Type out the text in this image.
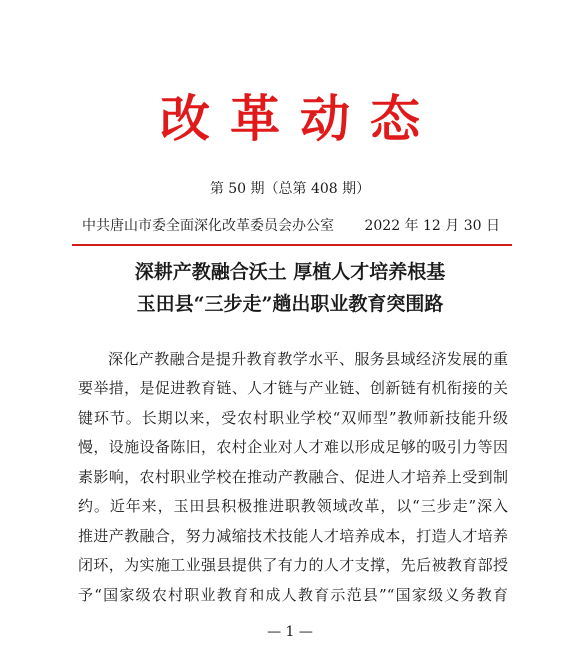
改革动态
第 50 期（总第 408 期）
中共唐山市委全面深化改革委员会办公室 2022 年 12 月 30 日
深耕产教融合沃土 厚植人才培养根基
玉田县“三步走”趟出职业教育突围路
深化产教融合是提升教育教学水平、服务县域经济发展的重
要举措，是促进教育链、人才链与产业链、创新链有机衔接的关
键环节。长期以来，受农村职业学校“双师型”教师新技能升级
慢，设施设备陈旧，农村企业对人才难以形成足够的吸引力等因
素影响，农村职业学校在推动产教融合、促进人才培养上受到制
约。近年来，玉田县积极推进职教领域改革，以“三步走”深入
推进产教融合，努力减缩技术技能人才培养成本，打造人才培养
闭环，为实施工业强县提供了有力的人才支撑，先后被教育部授
予“国家级农村职业教育和成人教育示范县”“国家级义务教育
— 1 —
